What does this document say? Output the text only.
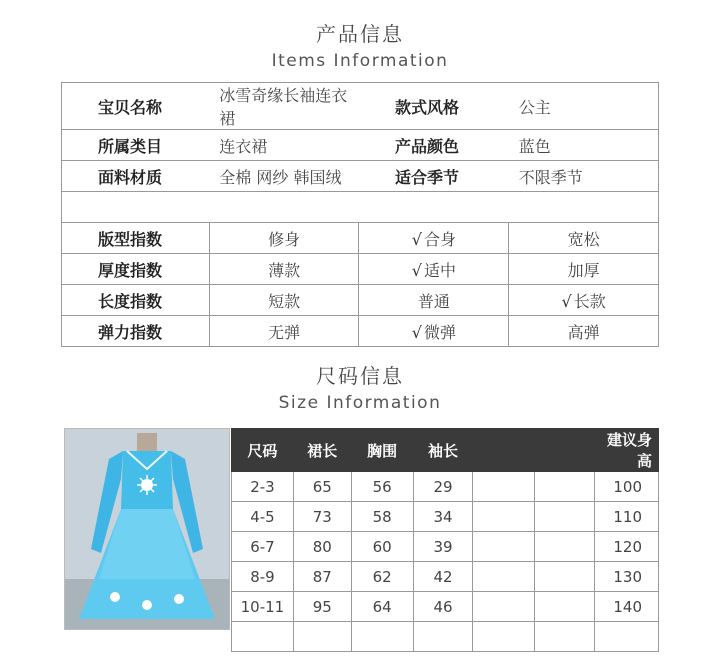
产品信息
Items Information
宝贝名称	冰雪奇缘长袖连衣裙	款式风格	公主
所属类目	连衣裙	产品颜色	蓝色
面料材质	全棉 网纱 韩国绒	适合季节	不限季节

版型指数	修身	√ 合身	宽松
厚度指数	薄款	√ 适中	加厚
长度指数	短款	普通	√ 长款
弹力指数	无弹	√ 微弹	高弹
尺码信息
Size Information
尺码	裙长	胸围	袖长			建议身高
2-3	65	56	29			100
4-5	73	58	34			110
6-7	80	60	39			120
8-9	87	62	42			130
10-11	95	64	46			140
